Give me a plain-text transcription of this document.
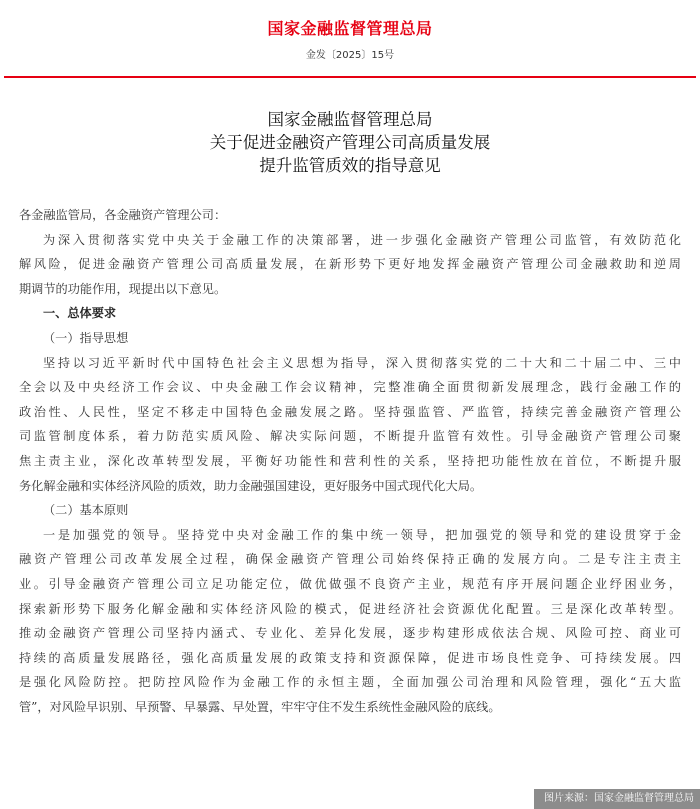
国家金融监督管理总局
金发〔2025〕15号
国家金融监督管理总局
关于促进金融资产管理公司高质量发展
提升监管质效的指导意见
各金融监管局，各金融资产管理公司：
为深入贯彻落实党中央关于金融工作的决策部署，进一步强化金融资产管理公司监管，有效防范化
解风险，促进金融资产管理公司高质量发展，在新形势下更好地发挥金融资产管理公司金融救助和逆周
期调节的功能作用，现提出以下意见。
一、总体要求
（一）指导思想
坚持以习近平新时代中国特色社会主义思想为指导，深入贯彻落实党的二十大和二十届二中、三中
全会以及中央经济工作会议、中央金融工作会议精神，完整准确全面贯彻新发展理念，践行金融工作的
政治性、人民性，坚定不移走中国特色金融发展之路。坚持强监管、严监管，持续完善金融资产管理公
司监管制度体系，着力防范实质风险、解决实际问题，不断提升监管有效性。引导金融资产管理公司聚
焦主责主业，深化改革转型发展，平衡好功能性和营利性的关系，坚持把功能性放在首位，不断提升服
务化解金融和实体经济风险的质效，助力金融强国建设，更好服务中国式现代化大局。
（二）基本原则
一是加强党的领导。坚持党中央对金融工作的集中统一领导，把加强党的领导和党的建设贯穿于金
融资产管理公司改革发展全过程，确保金融资产管理公司始终保持正确的发展方向。二是专注主责主
业。引导金融资产管理公司立足功能定位，做优做强不良资产主业，规范有序开展问题企业纾困业务，
探索新形势下服务化解金融和实体经济风险的模式，促进经济社会资源优化配置。三是深化改革转型。
推动金融资产管理公司坚持内涵式、专业化、差异化发展，逐步构建形成依法合规、风险可控、商业可
持续的高质量发展路径，强化高质量发展的政策支持和资源保障，促进市场良性竞争、可持续发展。四
是强化风险防控。把防控风险作为金融工作的永恒主题，全面加强公司治理和风险管理，强化“五大监
管”，对风险早识别、早预警、早暴露、早处置，牢牢守住不发生系统性金融风险的底线。
图片来源：国家金融监督管理总局
